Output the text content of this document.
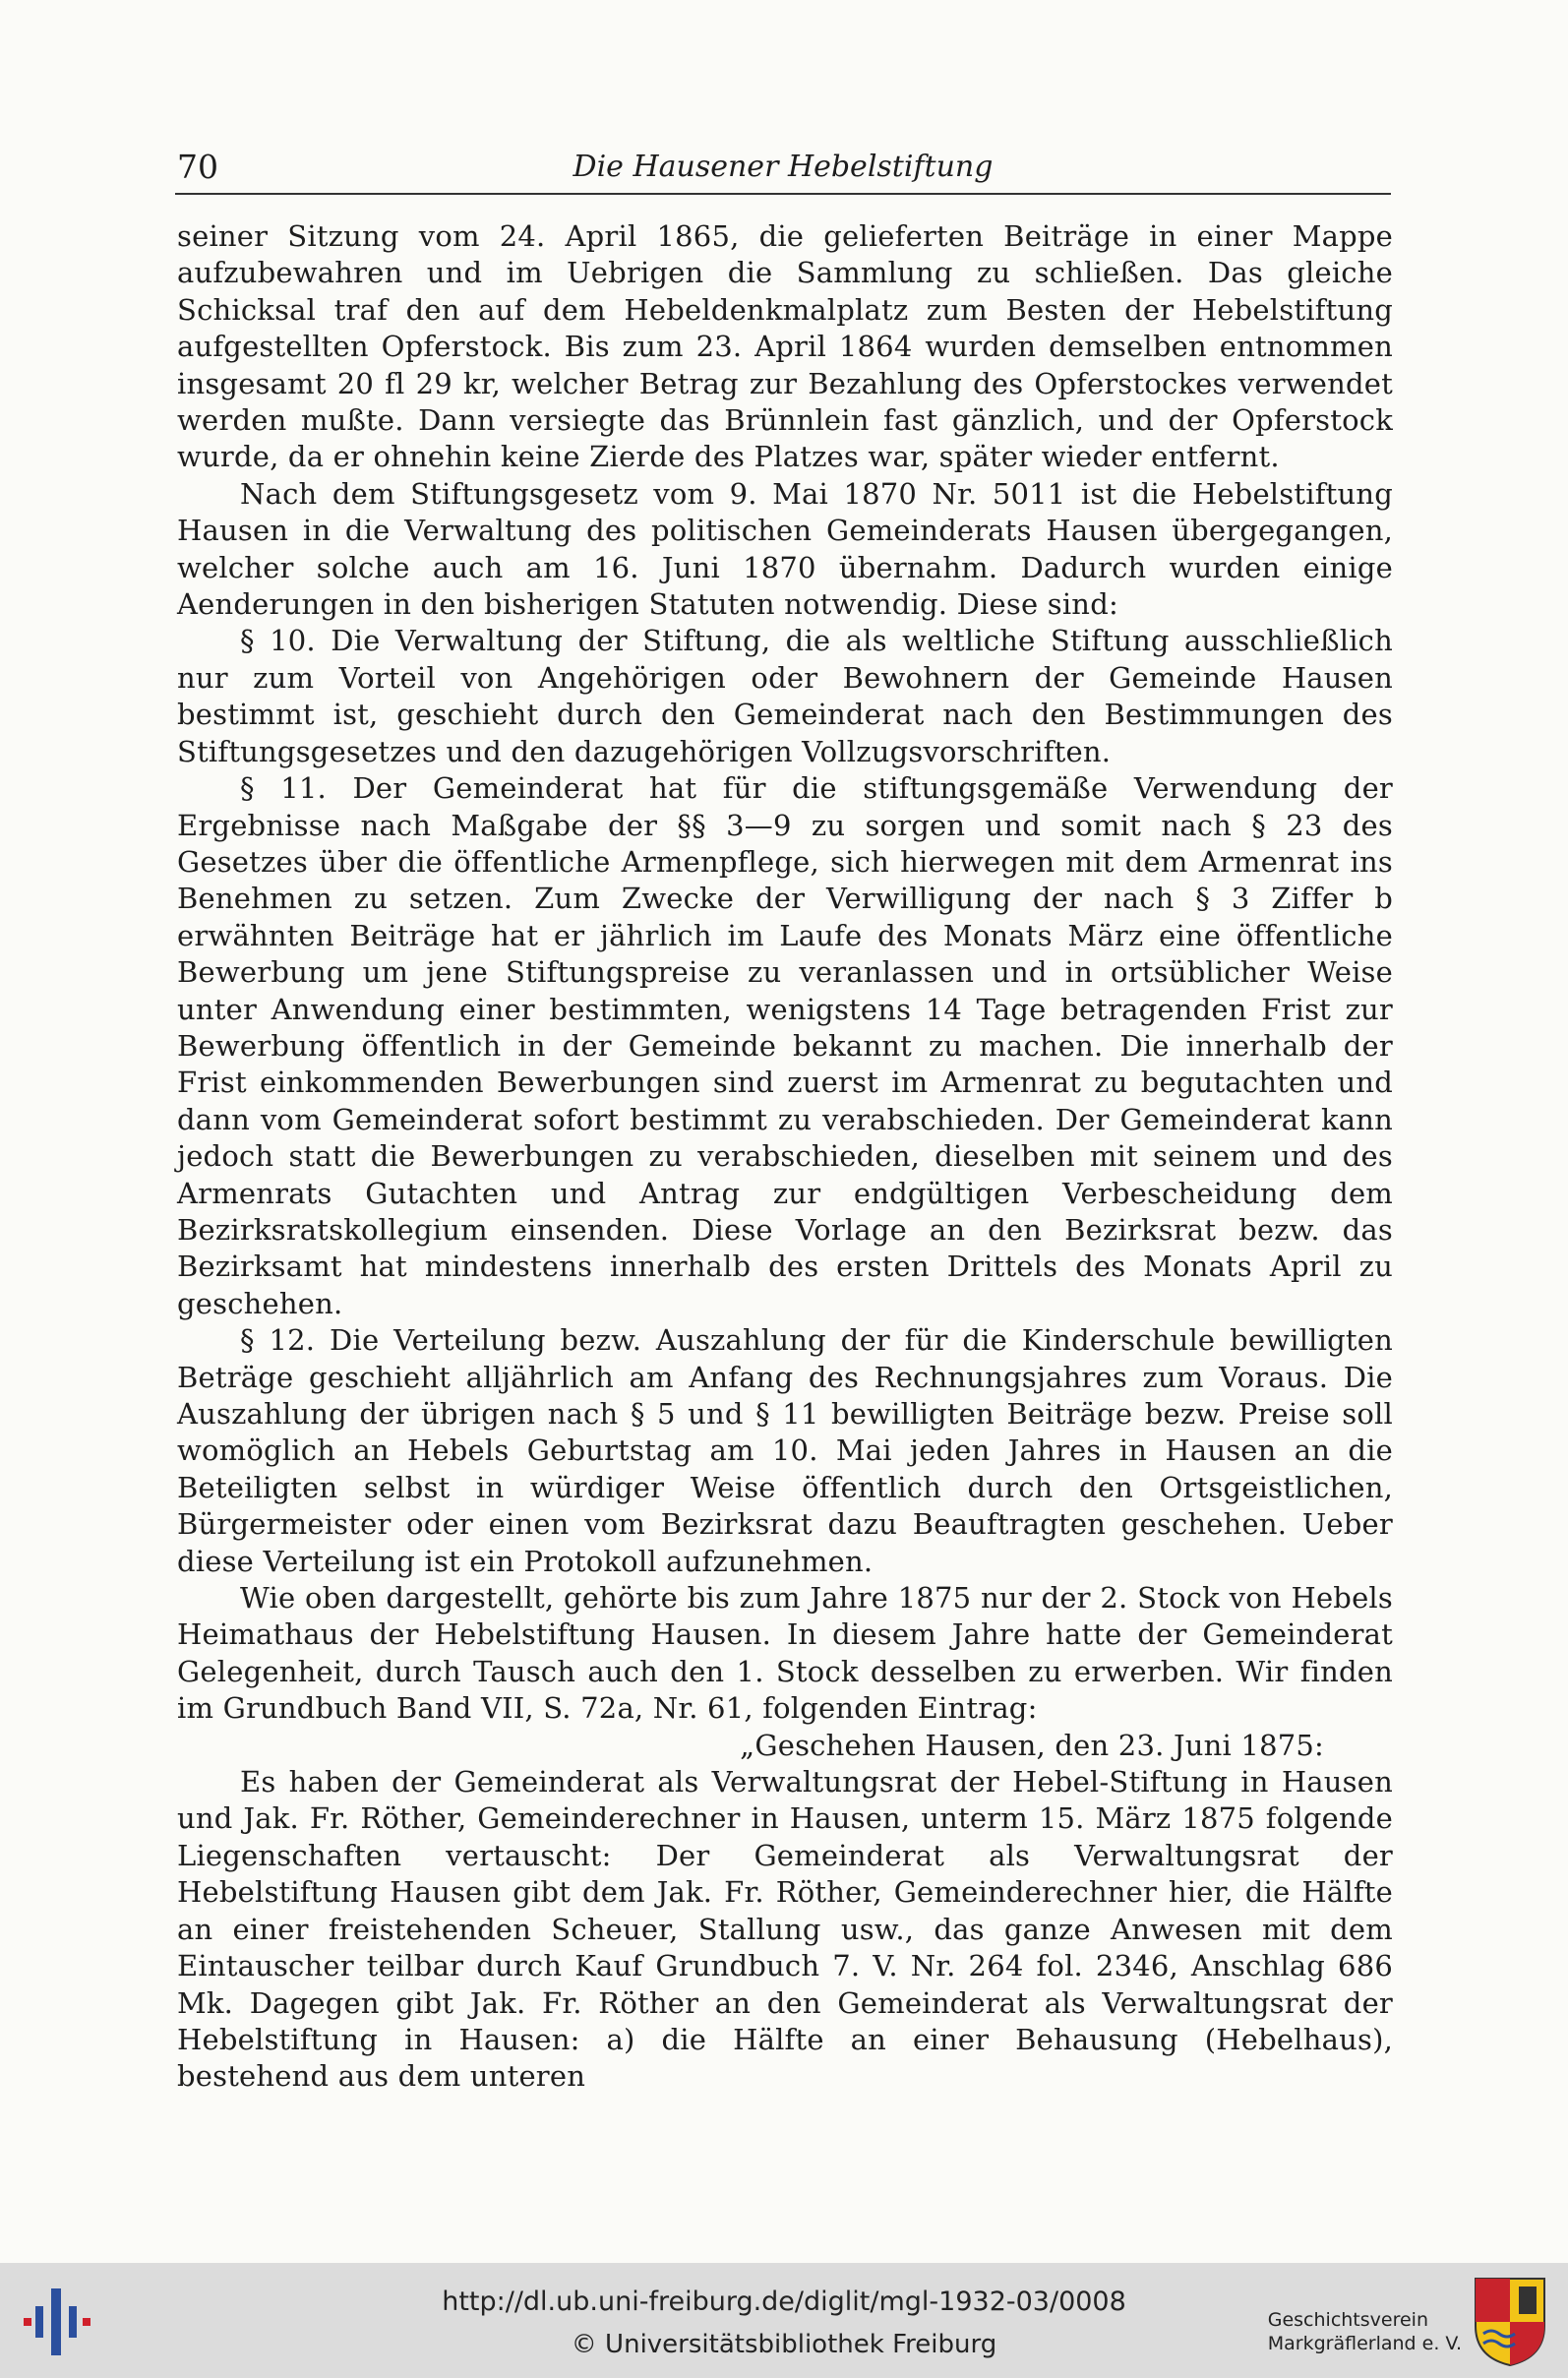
70	Die Hausener Hebelstiftung

seiner Sitzung vom 24. April 1865, die gelieferten Beiträge in einer Mappe aufzubewahren und im Uebrigen die Sammlung zu schließen. Das gleiche Schicksal traf den auf dem Hebeldenkmalplatz zum Besten der Hebelstiftung aufgestellten Opferstock. Bis zum 23. April 1864 wurden demselben entnommen insgesamt 20 fl 29 kr, welcher Betrag zur Bezahlung des Opferstockes verwendet werden mußte. Dann versiegte das Brünnlein fast gänzlich, und der Opferstock wurde, da er ohnehin keine Zierde des Platzes war, später wieder entfernt.

Nach dem Stiftungsgesetz vom 9. Mai 1870 Nr. 5011 ist die Hebelstiftung Hausen in die Verwaltung des politischen Gemeinderats Hausen übergegangen, welcher solche auch am 16. Juni 1870 übernahm. Dadurch wurden einige Aenderungen in den bisherigen Statuten notwendig. Diese sind:

§ 10. Die Verwaltung der Stiftung, die als weltliche Stiftung ausschließlich nur zum Vorteil von Angehörigen oder Bewohnern der Gemeinde Hausen bestimmt ist, geschieht durch den Gemeinderat nach den Bestimmungen des Stiftungsgesetzes und den dazugehörigen Vollzugsvorschriften.

§ 11. Der Gemeinderat hat für die stiftungsgemäße Verwendung der Ergebnisse nach Maßgabe der §§ 3—9 zu sorgen und somit nach § 23 des Gesetzes über die öffentliche Armenpflege, sich hierwegen mit dem Armenrat ins Benehmen zu setzen. Zum Zwecke der Verwilligung der nach § 3 Ziffer b erwähnten Beiträge hat er jährlich im Laufe des Monats März eine öffentliche Bewerbung um jene Stiftungspreise zu veranlassen und in ortsüblicher Weise unter Anwendung einer bestimmten, wenigstens 14 Tage betragenden Frist zur Bewerbung öffentlich in der Gemeinde bekannt zu machen. Die innerhalb der Frist einkommenden Bewerbungen sind zuerst im Armenrat zu begutachten und dann vom Gemeinderat sofort bestimmt zu verabschieden. Der Gemeinderat kann jedoch statt die Bewerbungen zu verabschieden, dieselben mit seinem und des Armenrats Gutachten und Antrag zur endgültigen Verbescheidung dem Bezirksratskollegium einsenden. Diese Vorlage an den Bezirksrat bezw. das Bezirksamt hat mindestens innerhalb des ersten Drittels des Monats April zu geschehen.

§ 12. Die Verteilung bezw. Auszahlung der für die Kinderschule bewilligten Beträge geschieht alljährlich am Anfang des Rechnungsjahres zum Voraus. Die Auszahlung der übrigen nach § 5 und § 11 bewilligten Beiträge bezw. Preise soll womöglich an Hebels Geburtstag am 10. Mai jeden Jahres in Hausen an die Beteiligten selbst in würdiger Weise öffentlich durch den Ortsgeistlichen, Bürgermeister oder einen vom Bezirksrat dazu Beauftragten geschehen. Ueber diese Verteilung ist ein Protokoll aufzunehmen.

Wie oben dargestellt, gehörte bis zum Jahre 1875 nur der 2. Stock von Hebels Heimathaus der Hebelstiftung Hausen. In diesem Jahre hatte der Gemeinderat Gelegenheit, durch Tausch auch den 1. Stock desselben zu erwerben. Wir finden im Grundbuch Band VII, S. 72a, Nr. 61, folgenden Eintrag:

„Geschehen Hausen, den 23. Juni 1875:

Es haben der Gemeinderat als Verwaltungsrat der Hebel-Stiftung in Hausen und Jak. Fr. Röther, Gemeinderechner in Hausen, unterm 15. März 1875 folgende Liegenschaften vertauscht: Der Gemeinderat als Verwaltungsrat der Hebelstiftung Hausen gibt dem Jak. Fr. Röther, Gemeinderechner hier, die Hälfte an einer freistehenden Scheuer, Stallung usw., das ganze Anwesen mit dem Eintauscher teilbar durch Kauf Grundbuch 7. V. Nr. 264 fol. 2346, Anschlag 686 Mk. Dagegen gibt Jak. Fr. Röther an den Gemeinderat als Verwaltungsrat der Hebelstiftung in Hausen: a) die Hälfte an einer Behausung (Hebelhaus), bestehend aus dem unteren

http://dl.ub.uni-freiburg.de/diglit/mgl-1932-03/0008
© Universitätsbibliothek Freiburg
Geschichtsverein
Markgräflerland e. V.
